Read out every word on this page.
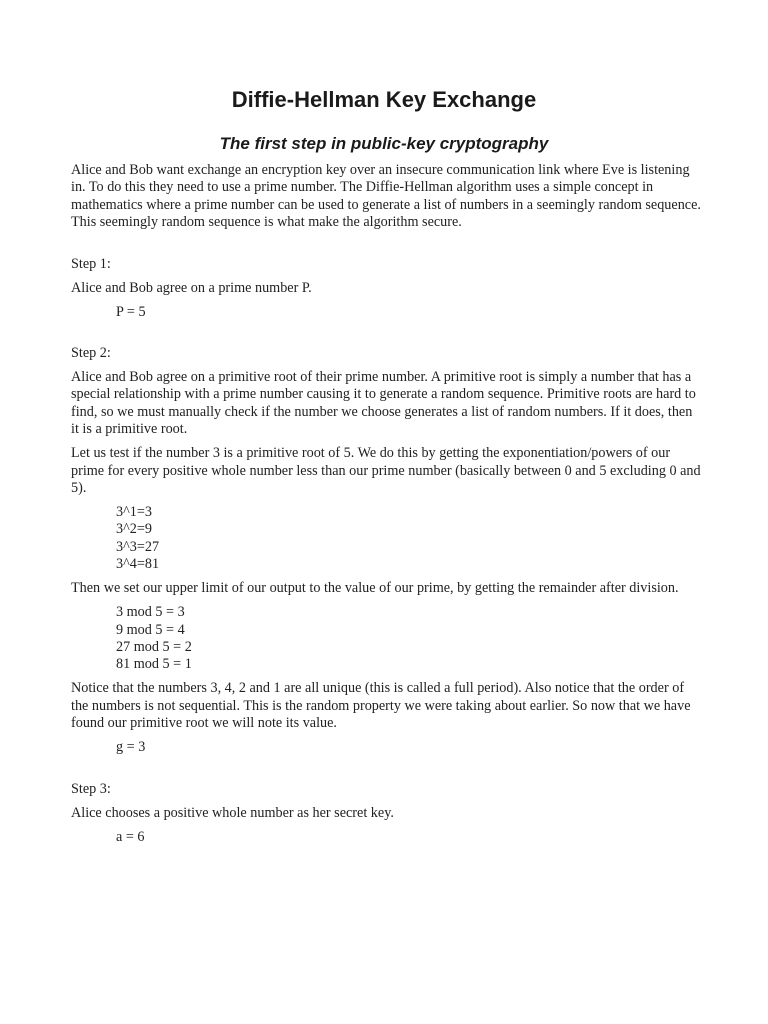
Diffie-Hellman Key Exchange
The first step in public-key cryptography

Alice and Bob want exchange an encryption key over an insecure communication link where Eve is listening in. To do this they need to use a prime number. The Diffie-Hellman algorithm uses a simple concept in mathematics where a prime number can be used to generate a list of numbers in a seemingly random sequence. This seemingly random sequence is what make the algorithm secure.

Step 1:

Alice and Bob agree on a prime number P.

P = 5

Step 2:

Alice and Bob agree on a primitive root of their prime number. A primitive root is simply a number that has a special relationship with a prime number causing it to generate a random sequence. Primitive roots are hard to find, so we must manually check if the number we choose generates a list of random numbers. If it does, then it is a primitive root.

Let us test if the number 3 is a primitive root of 5. We do this by getting the exponentiation/powers of our prime for every positive whole number less than our prime number (basically between 0 and 5 excluding 0 and 5).

3^1=3
3^2=9
3^3=27
3^4=81

Then we set our upper limit of our output to the value of our prime, by getting the remainder after division.

3 mod 5 = 3
9 mod 5 = 4
27 mod 5 = 2
81 mod 5 = 1

Notice that the numbers 3, 4, 2 and 1 are all unique (this is called a full period). Also notice that the order of the numbers is not sequential. This is the random property we were taking about earlier. So now that we have found our primitive root we will note its value.

g = 3

Step 3:

Alice chooses a positive whole number as her secret key.

a = 6
